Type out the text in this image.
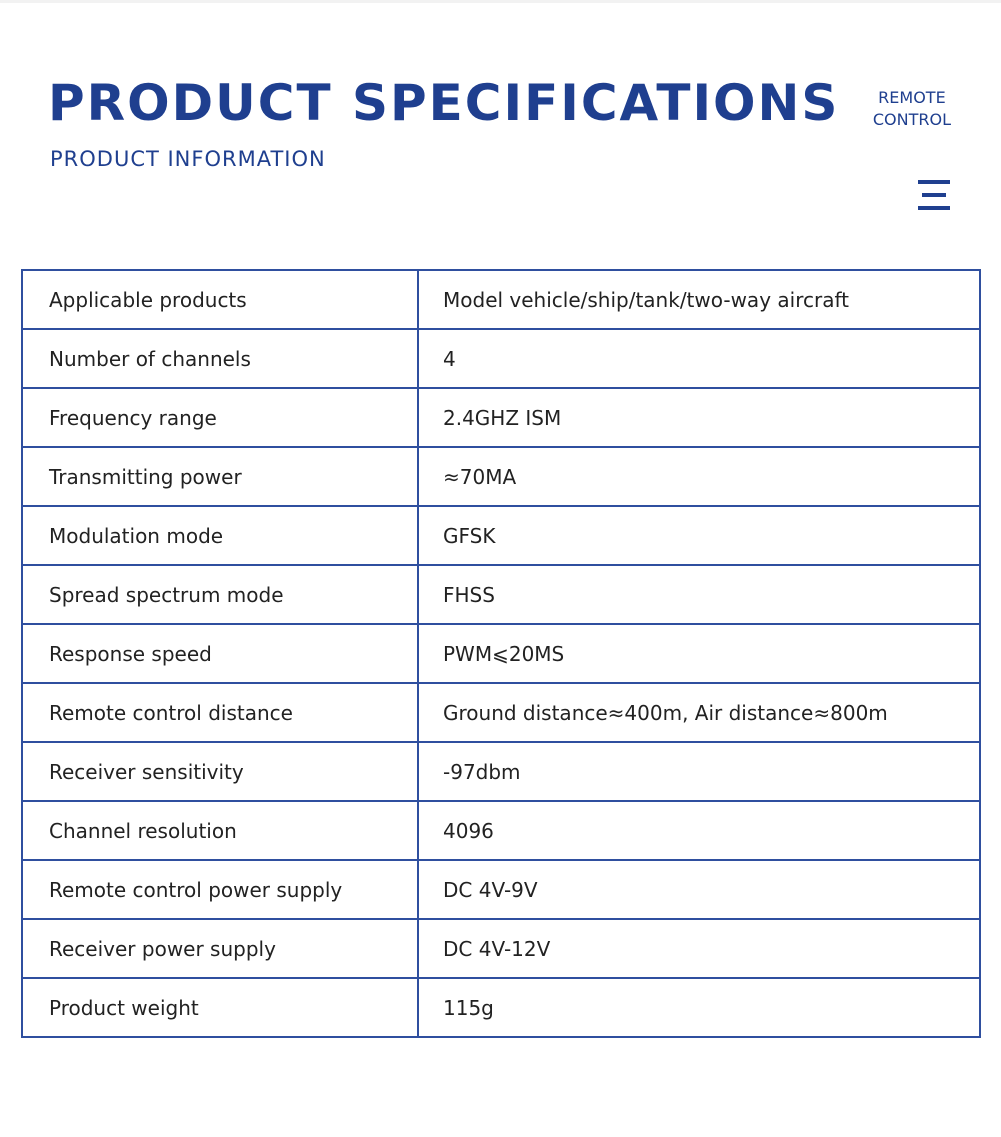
PRODUCT SPECIFICATIONS
PRODUCT INFORMATION
REMOTE
CONTROL
Applicable products	Model vehicle/ship/tank/two-way aircraft
Number of channels	4
Frequency range	2.4GHZ ISM
Transmitting power	≈70MA
Modulation mode	GFSK
Spread spectrum mode	FHSS
Response speed	PWM⩽20MS
Remote control distance	Ground distance≈400m, Air distance≈800m
Receiver sensitivity	-97dbm
Channel resolution	4096
Remote control power supply	DC 4V-9V
Receiver power supply	DC 4V-12V
Product weight	115g
